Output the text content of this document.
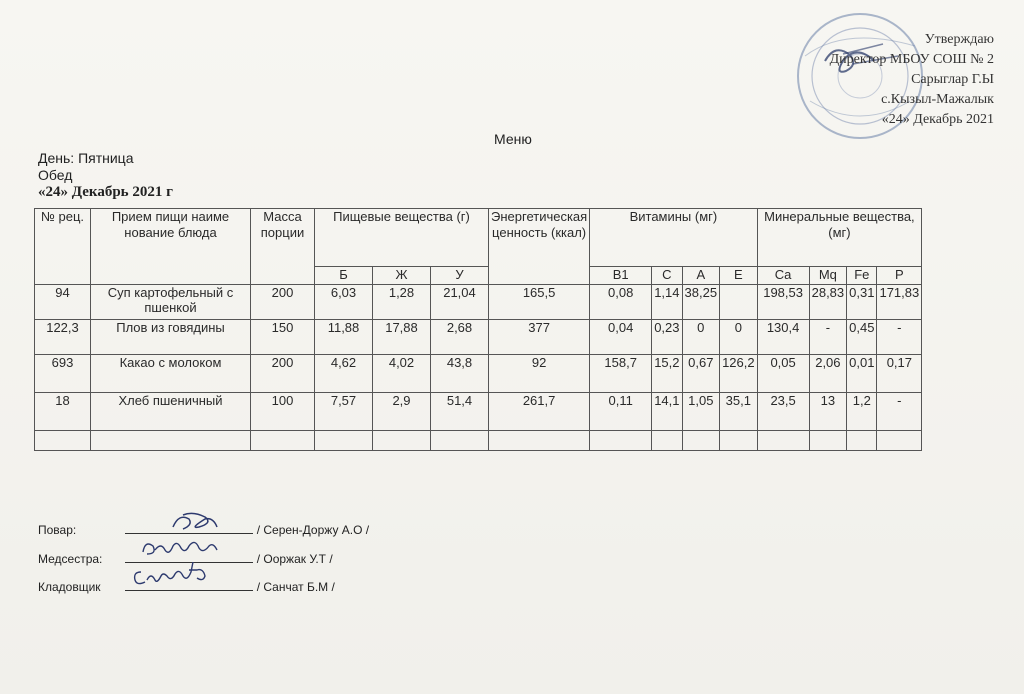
Утверждаю
Директор МБОУ СОШ № 2
Сарыглар Г.Ы
с.Кызыл-Мажалык
«24» Декабрь 2021
Меню
День: Пятница
Обед
«24» Декабрь 2021 г
№ рец.	Прием пищи наиме нование блюда	Масса порции	Пищевые вещества (г)			Энергетическая ценность (ккал)	Витамины (мг)				Минеральные вещества, (мг)			
			Б	Ж	У		B1	C	A	E	Ca	Mq	Fe	P
94	Суп картофельный с пшенкой	200	6,03	1,28	21,04	165,5	0,08	1,14	38,25		198,53	28,83	0,31	171,83
122,3	Плов из говядины	150	11,88	17,88	2,68	377	0,04	0,23	0	0	130,4	-	0,45	-
693	Какао с молоком	200	4,62	4,02	43,8	92	158,7	15,2	0,67	126,2	0,05	2,06	0,01	0,17
18	Хлеб пшеничный	100	7,57	2,9	51,4	261,7	0,11	14,1	1,05	35,1	23,5	13	1,2	-

Повар:	/ Серен-Доржу А.О /
Медсестра:	/ Ооржак У.Т /
Кладовщик	/ Санчат Б.М /
